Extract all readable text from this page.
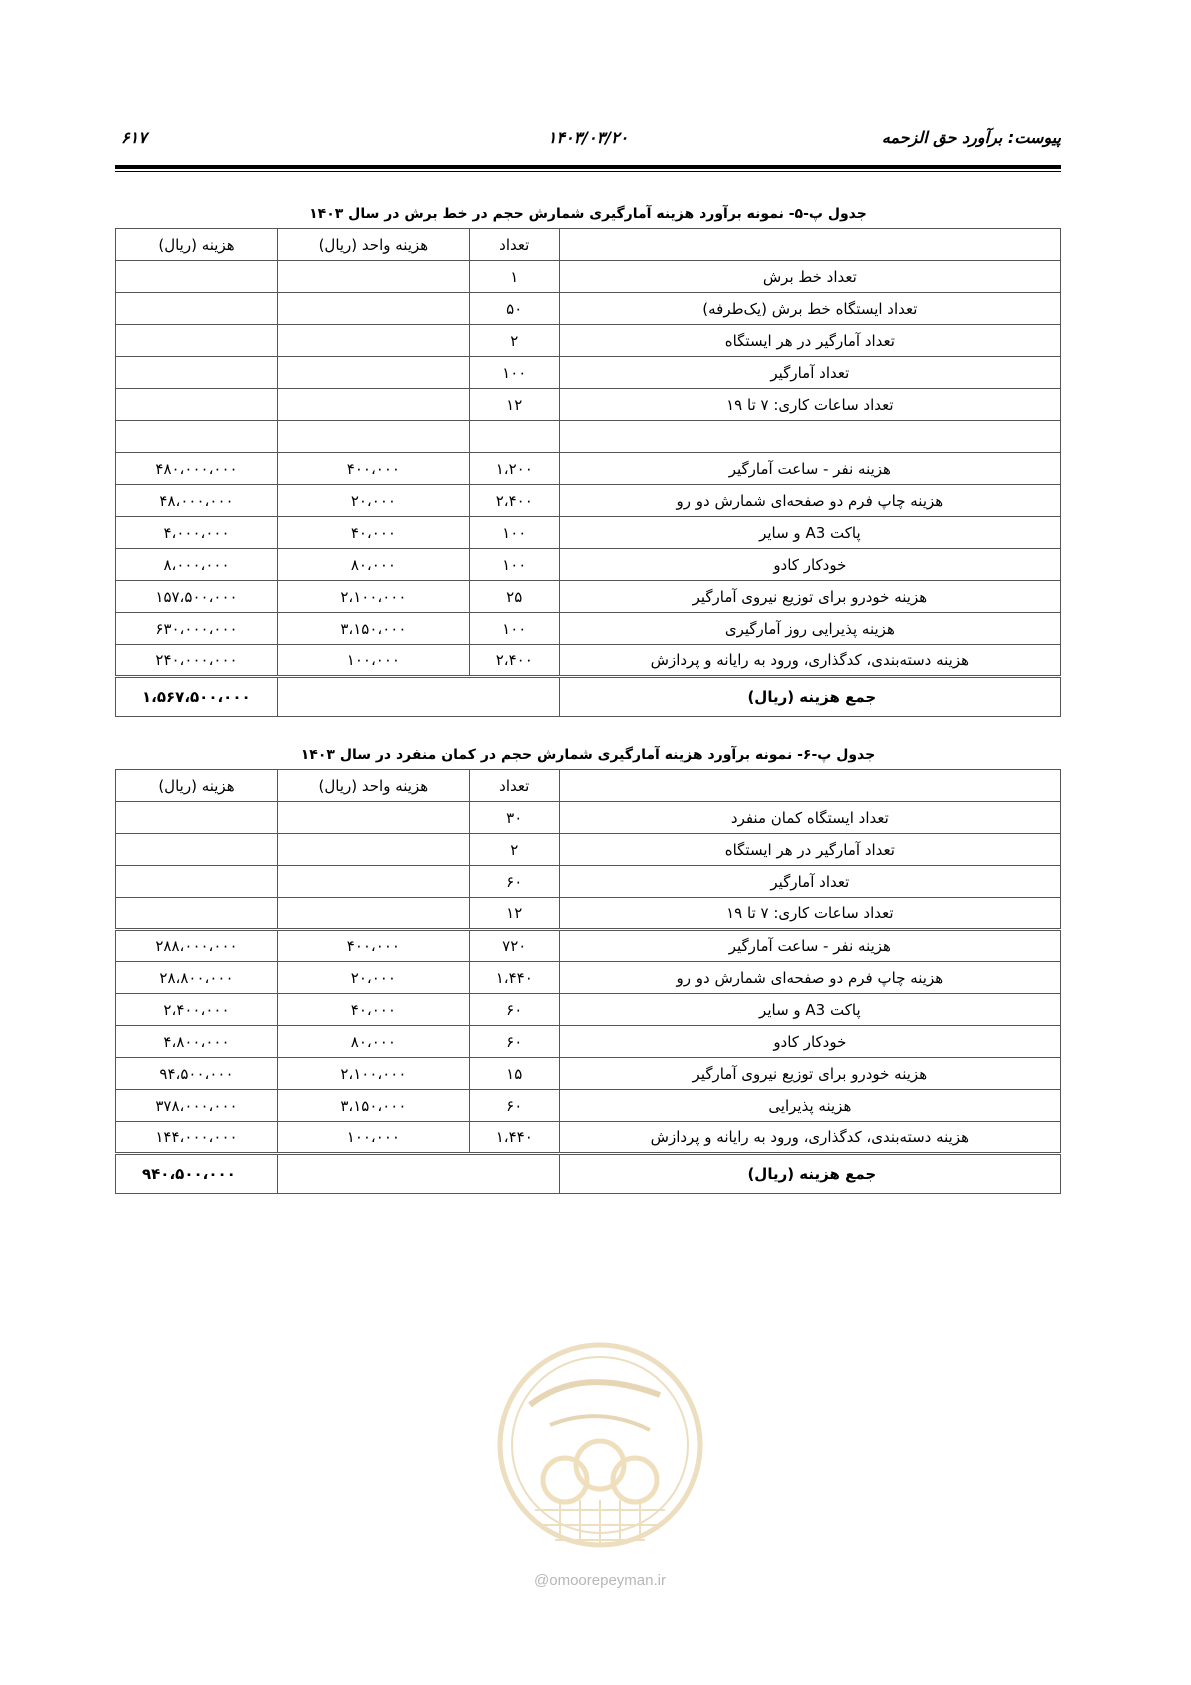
۶۱۷	۱۴۰۳/۰۳/۲۰	پیوست: برآورد حق الزحمه
جدول پ-۵- نمونه برآورد هزینه آمارگیری شمارش حجم در خط برش در سال ۱۴۰۳
	تعداد	هزینه واحد (ریال)	هزینه (ریال)
تعداد خط برش	۱		
تعداد ایستگاه خط برش (یک‌طرفه)	۵۰		
تعداد آمارگیر در هر ایستگاه	۲		
تعداد آمارگیر	۱۰۰		
تعداد ساعات کاری: ۷ تا ۱۹	۱۲		

هزینه نفر - ساعت آمارگیر	۱،۲۰۰	۴۰۰،۰۰۰	۴۸۰،۰۰۰،۰۰۰
هزینه چاپ فرم دو صفحه‌ای شمارش دو رو	۲،۴۰۰	۲۰،۰۰۰	۴۸،۰۰۰،۰۰۰
پاکت A3 و سایر	۱۰۰	۴۰،۰۰۰	۴،۰۰۰،۰۰۰
خودکار کادو	۱۰۰	۸۰،۰۰۰	۸،۰۰۰،۰۰۰
هزینه خودرو برای توزیع نیروی آمارگیر	۲۵	۲،۱۰۰،۰۰۰	۱۵۷،۵۰۰،۰۰۰
هزینه پذیرایی روز آمارگیری	۱۰۰	۳،۱۵۰،۰۰۰	۶۳۰،۰۰۰،۰۰۰
هزینه دسته‌بندی، کدگذاری، ورود به رایانه و پردازش	۲،۴۰۰	۱۰۰،۰۰۰	۲۴۰،۰۰۰،۰۰۰
جمع هزینه (ریال)			۱،۵۶۷،۵۰۰،۰۰۰
جدول پ-۶- نمونه برآورد هزینه آمارگیری شمارش حجم در کمان منفرد در سال ۱۴۰۳
	تعداد	هزینه واحد (ریال)	هزینه (ریال)
تعداد ایستگاه کمان منفرد	۳۰		
تعداد آمارگیر در هر ایستگاه	۲		
تعداد آمارگیر	۶۰		
تعداد ساعات کاری: ۷ تا ۱۹	۱۲		
هزینه نفر - ساعت آمارگیر	۷۲۰	۴۰۰،۰۰۰	۲۸۸،۰۰۰،۰۰۰
هزینه چاپ فرم دو صفحه‌ای شمارش دو رو	۱،۴۴۰	۲۰،۰۰۰	۲۸،۸۰۰،۰۰۰
پاکت A3 و سایر	۶۰	۴۰،۰۰۰	۲،۴۰۰،۰۰۰
خودکار کادو	۶۰	۸۰،۰۰۰	۴،۸۰۰،۰۰۰
هزینه خودرو برای توزیع نیروی آمارگیر	۱۵	۲،۱۰۰،۰۰۰	۹۴،۵۰۰،۰۰۰
هزینه پذیرایی	۶۰	۳،۱۵۰،۰۰۰	۳۷۸،۰۰۰،۰۰۰
هزینه دسته‌بندی، کدگذاری، ورود به رایانه و پردازش	۱،۴۴۰	۱۰۰،۰۰۰	۱۴۴،۰۰۰،۰۰۰
جمع هزینه (ریال)			۹۴۰،۵۰۰،۰۰۰
@omoorepeyman.ir
